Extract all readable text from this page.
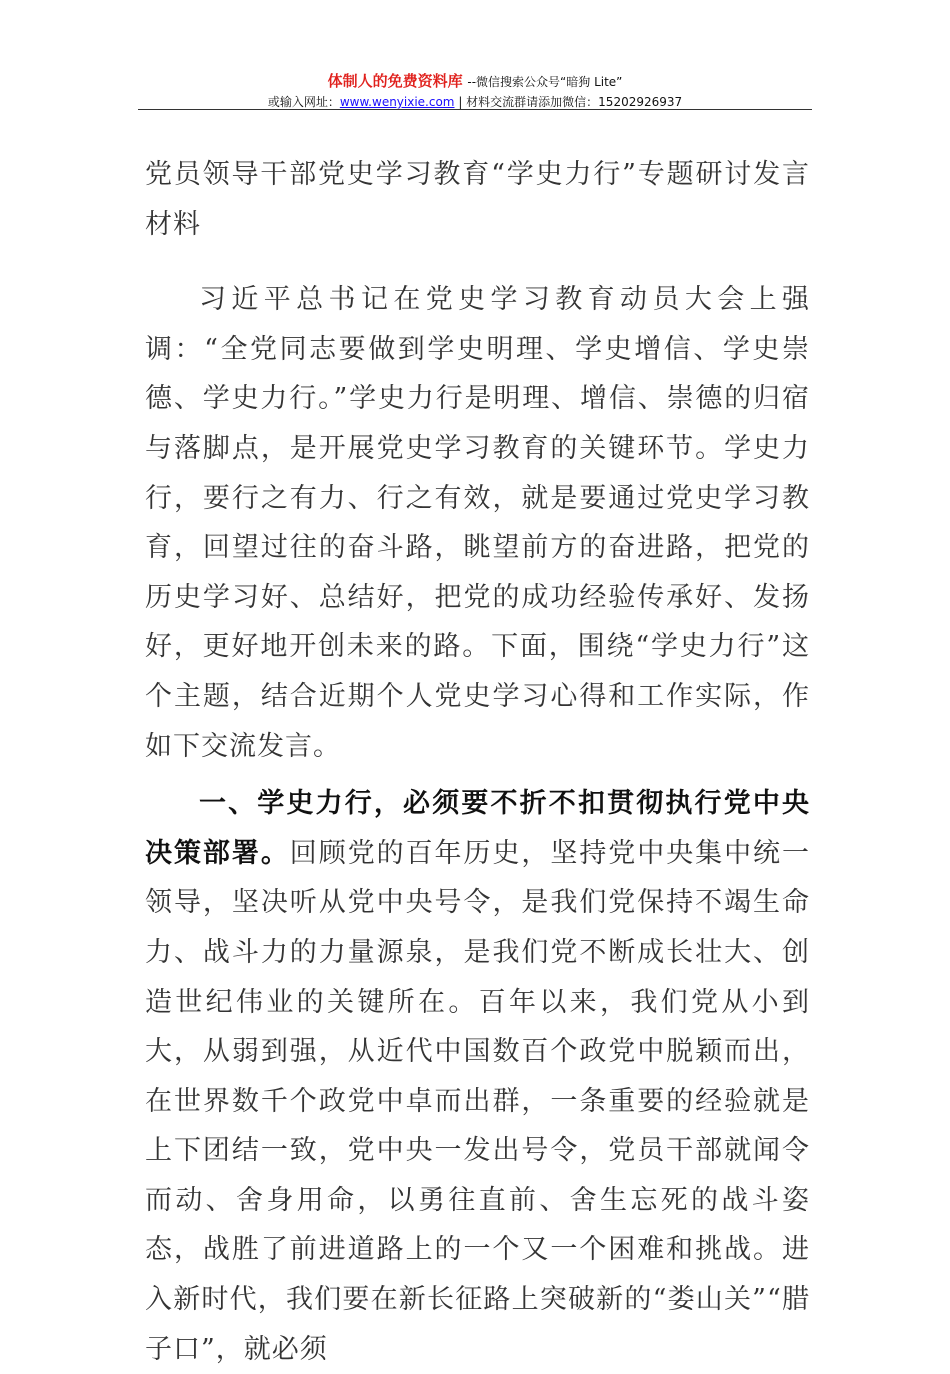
体制人的免费资料库 --微信搜索公众号“暗狗 Lite”
或输入网址：www.wenyixie.com | 材料交流群请添加微信：15202926937

党员领导干部党史学习教育“学史力行”专题研讨发言材料

习近平总书记在党史学习教育动员大会上强调：“全党同志要做到学史明理、学史增信、学史崇德、学史力行。”学史力行是明理、增信、崇德的归宿与落脚点，是开展党史学习教育的关键环节。学史力行，要行之有力、行之有效，就是要通过党史学习教育，回望过往的奋斗路，眺望前方的奋进路，把党的历史学习好、总结好，把党的成功经验传承好、发扬好，更好地开创未来的路。下面，围绕“学史力行”这个主题，结合近期个人党史学习心得和工作实际，作如下交流发言。

一、学史力行，必须要不折不扣贯彻执行党中央决策部署。回顾党的百年历史，坚持党中央集中统一领导，坚决听从党中央号令，是我们党保持不竭生命力、战斗力的力量源泉，是我们党不断成长壮大、创造世纪伟业的关键所在。百年以来，我们党从小到大，从弱到强，从近代中国数百个政党中脱颖而出，在世界数千个政党中卓而出群，一条重要的经验就是上下团结一致，党中央一发出号令，党员干部就闻令而动、舍身用命，以勇往直前、舍生忘死的战斗姿态，战胜了前进道路上的一个又一个困难和挑战。进入新时代，我们要在新长征路上突破新的“娄山关”“腊子口”，就必须
